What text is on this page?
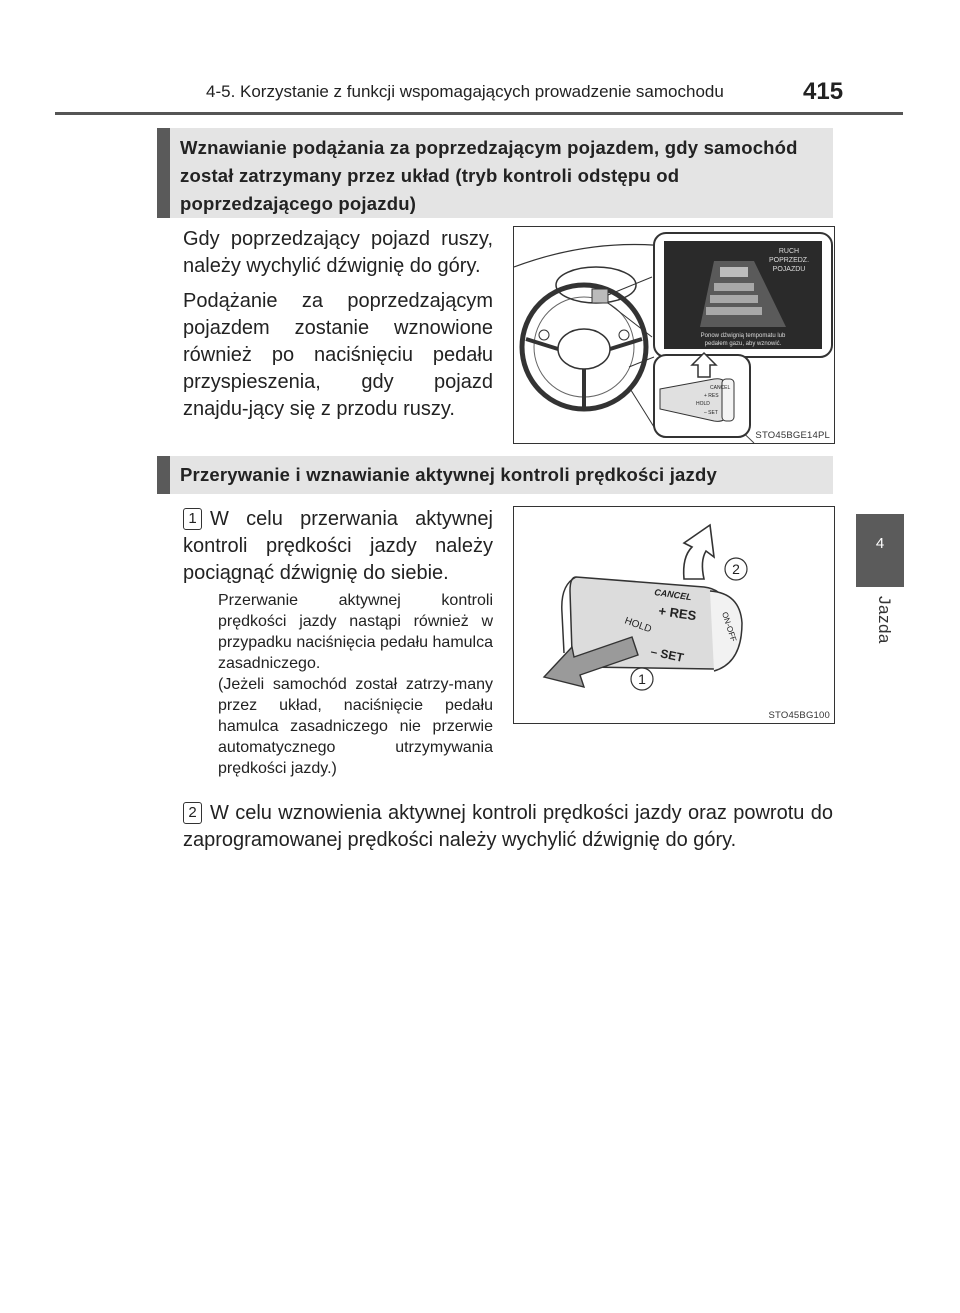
4-5. Korzystanie z funkcji wspomagających prowadzenie samochodu	415
4
Jazda
Wznawianie podążania za poprzedzającym pojazdem, gdy samochód został zatrzymany przez układ (tryb kontroli odstępu od poprzedzającego pojazdu)

Gdy poprzedzający pojazd ruszy, należy wychylić dźwignię do góry.

Podążanie za poprzedzającym pojazdem zostanie wznowione również po naciśnięciu pedału przyspieszenia, gdy pojazd znajdu-jący się z przodu ruszy.

RUCH
POPRZEDZ.
POJAZDU
Ponow dźwignią tempomatu lub
pedałem gazu, aby wznowić.
CANCEL
+ RES
HOLD
– SET
STO45BGE14PL
Przerywanie i wznawianie aktywnej kontroli prędkości jazdy
1 W celu przerwania aktywnej kontroli prędkości jazdy należy pociągnąć dźwignię do siebie.
Przerwanie aktywnej kontroli prędkości jazdy nastąpi również w przypadku naciśnięcia pedału hamulca zasadniczego.
(Jeżeli samochód został zatrzy-many przez układ, naciśnięcie pedału hamulca zasadniczego nie przerwie automatycznego utrzymywania prędkości jazdy.)
CANCEL
+ RES
HOLD
– SET
ON-OFF
2
1
STO45BG100
2 W celu wznowienia aktywnej kontroli prędkości jazdy oraz powrotu do zaprogramowanej prędkości należy wychylić dźwignię do góry.
